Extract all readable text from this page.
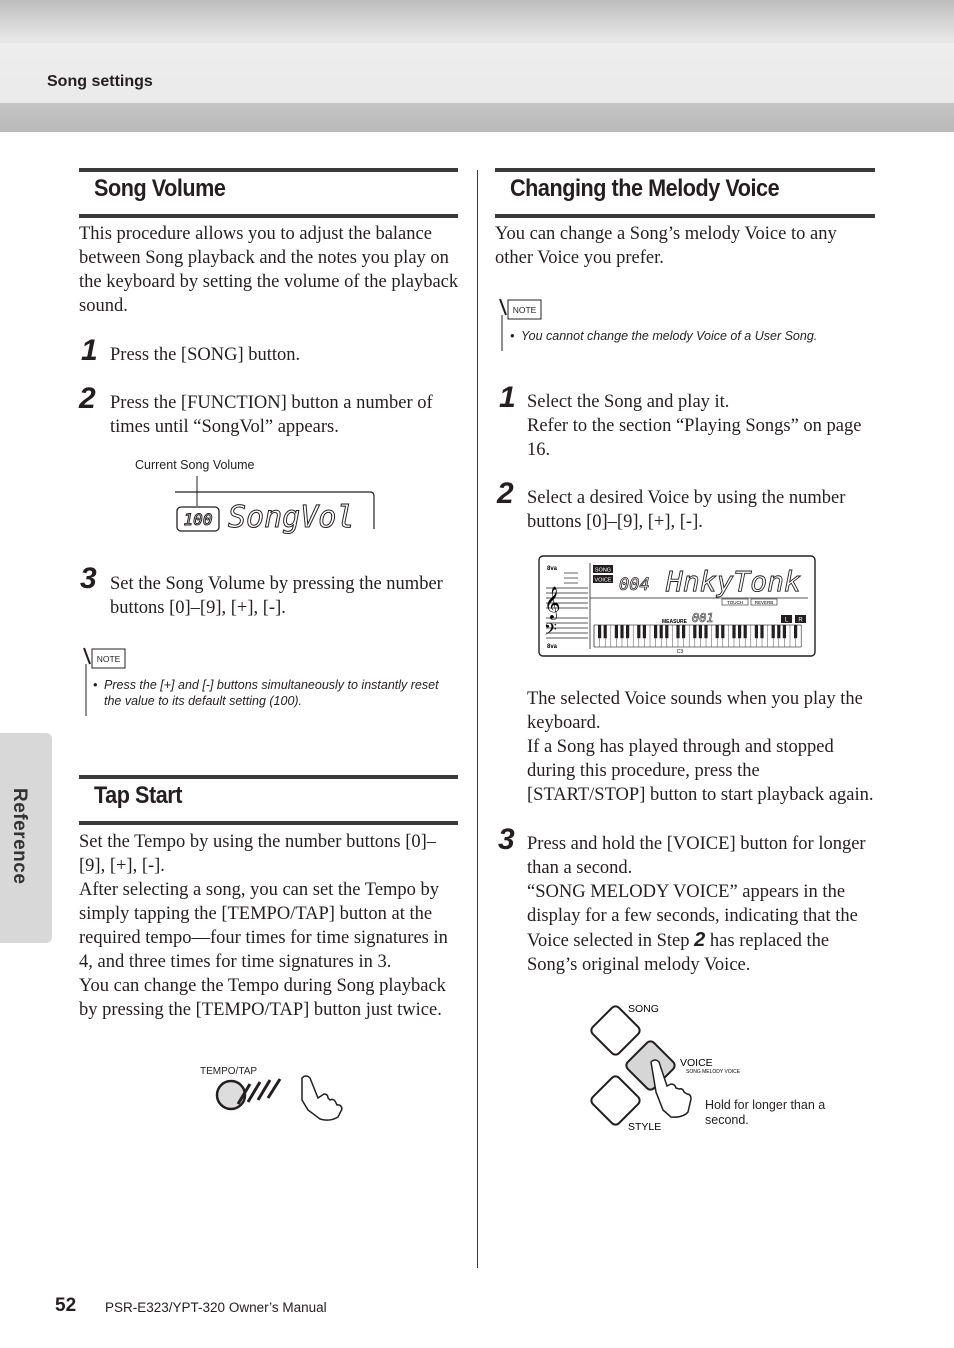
Song settings
Song Volume

This procedure allows you to adjust the balance between Song playback and the notes you play on the keyboard by setting the volume of the playback sound.

1 Press the [SONG] button.

2 Press the [FUNCTION] button a number of times until “SongVol” appears.

Current Song Volume
100 SongVol
3 Set the Song Volume by pressing the number buttons [0]–[9], [+], [-].

NOTE
• Press the [+] and [-] buttons simultaneously to instantly reset the value to its default setting (100).
Tap Start

Set the Tempo by using the number buttons [0]–[9], [+], [-].

After selecting a song, you can set the Tempo by simply tapping the [TEMPO/TAP] button at the required tempo—four times for time signatures in 4, and three times for time signatures in 3.

You can change the Tempo during Song playback by pressing the [TEMPO/TAP] button just twice.

TEMPO/TAP
Changing the Melody Voice

You can change a Song’s melody Voice to any other Voice you prefer.

NOTE
• You cannot change the melody Voice of a User Song.
1 Select the Song and play it.

Refer to the section “Playing Songs” on page 16.

2 Select a desired Voice by using the number buttons [0]–[9], [+], [-].

8va
8va
𝄞
𝄢
SONG
VOICE 004 HnkyTonk
TOUCH	REVERB
MEASURE 001	L R
C3

The selected Voice sounds when you play the keyboard.

If a Song has played through and stopped during this procedure, press the [START/STOP] button to start playback again.

3 Press and hold the [VOICE] button for longer than a second.

“SONG MELODY VOICE” appears in the display for a few seconds, indicating that the Voice selected in Step 2 has replaced the Song’s original melody Voice.

SONG
VOICE
SONG MELODY VOICE
STYLE
Hold for longer than a second.
Reference
52 PSR-E323/YPT-320 Owner’s Manual
